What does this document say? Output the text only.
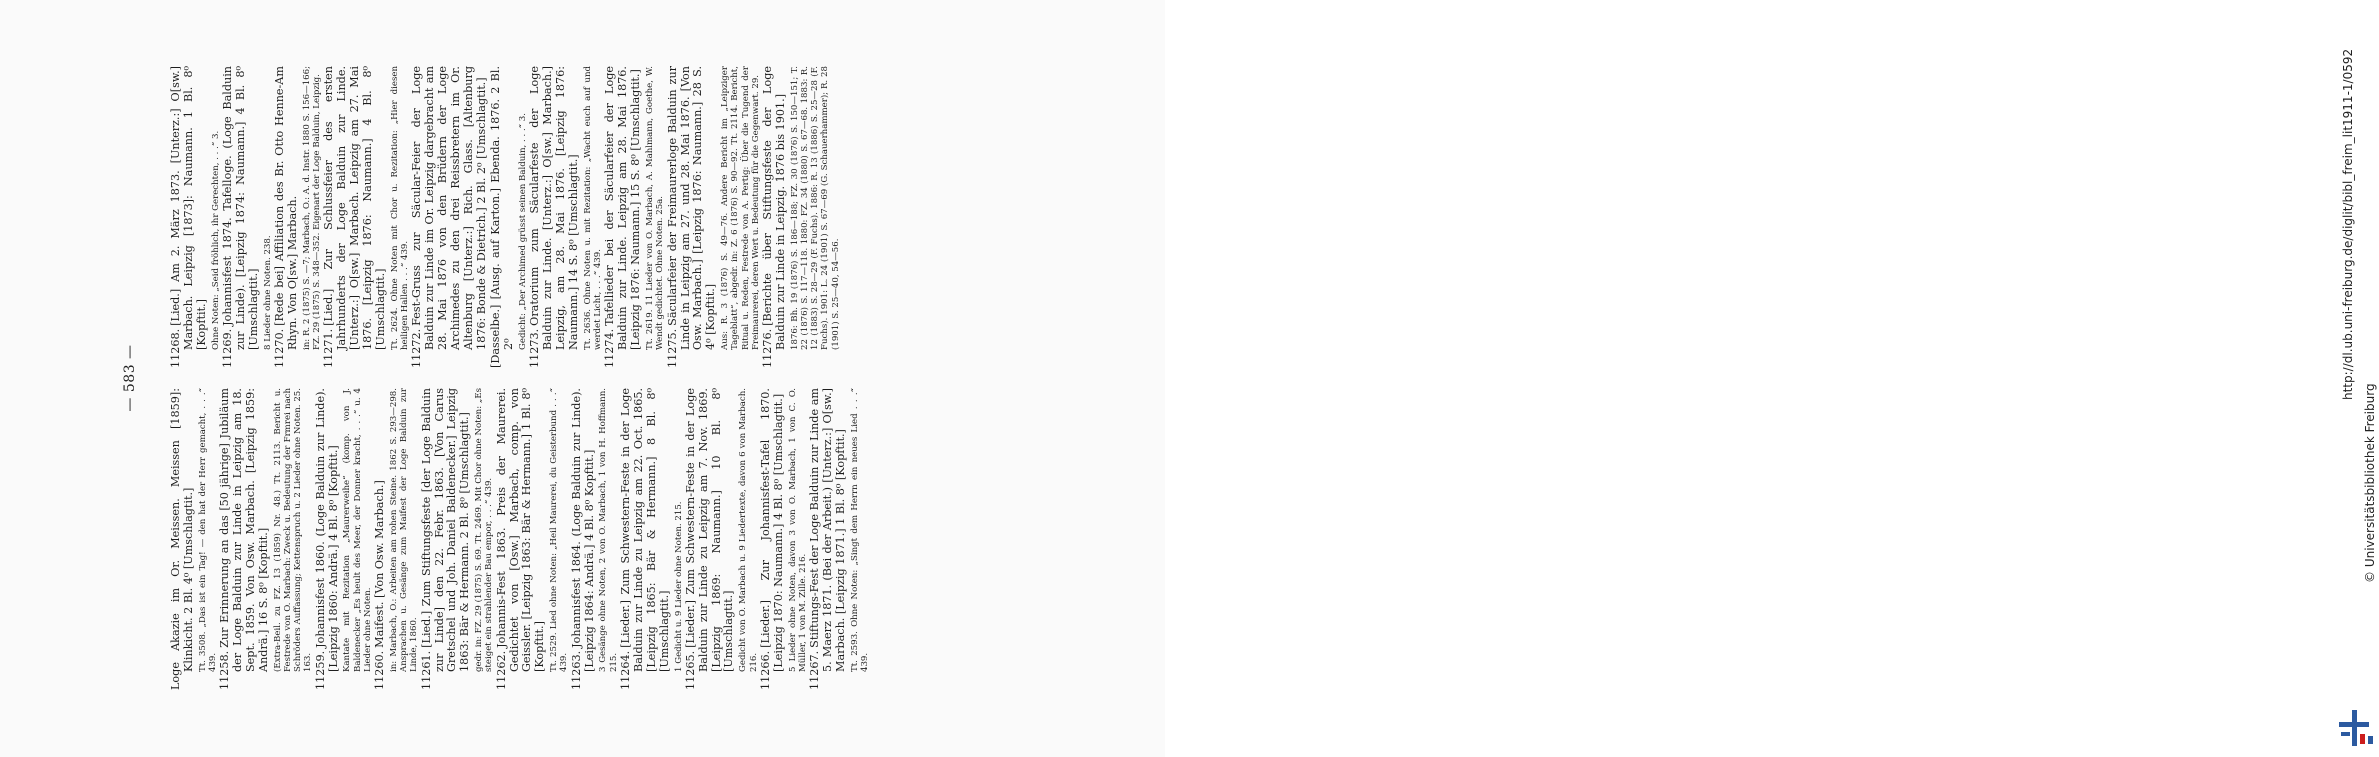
— 583 —
Loge Akazie im Or. Meissen. Meissen [1859]: Klinkicht. 2 Bl. 4⁰ [Umschlagtit.] Tt. 3508. „Das ist ein Tag! — den hat der Herr gemacht, . . .“ 439. 11258.Zur Erinnerung an das [50 jährige] Jubiläum der Loge Balduin zur Linde in Leipzig am 18. Sept. 1859. Von Osw. Marbach. [Leipzig 1859: Andrä.] 16 S. 8⁰ [Kopftit.] (Extra-Beil. zu FZ. 13 (1859) Nr. 48.) Tt. 2113. Bericht u. Festrede von O. Marbach: Zweck u. Bedeutung der Frmrei nach Schröders Auffassung; Kettenspruch u. 2 Lieder ohne Noten. 25. 163. 11259.Johannisfest 1860. (Loge Balduin zur Linde). [Leipzig 1860: Andrä.] 4 Bl. 8⁰ [Kopftit.] Kantate mit Rezitation „Maurerweihe“ (komp. von J. Baldenecker „Es heult des Meer, der Donner kracht, . . .“ u. 4 Lieder ohne Noten. 11260.Maifest. [Von Osw. Marbach.] in: Marbach, O.: Arbeiten am rohen Steine. 1862 S. 293—298. Ansprachen u. Gesänge zum Maifest der Loge Balduin zur Linde, 1860. 11261.[Lied.] Zum Stiftungsfeste [der Loge Balduin zur Linde] den 22. Febr. 1863. [Von Carus Gretschel und Joh. Daniel Baldenecker.] Leipzig 1863: Bär & Hermann. 2 Bl. 8⁰ [Umschlagtit.] gedr. in: FZ. 29 (1875) S. 69. Tt. 2469. Mit Chor ohne Noten: „Es steiget ein strahlender Bau empor, . . .“ 439. 11262.Johannis-Fest 1863. Preis der Maurerei. Gedichtet von [Osw.] Marbach, comp. von Geissler. [Leipzig 1863: Bär & Hermann.] 1 Bl. 8⁰ [Kopftit.] Tt. 2529. Lied ohne Noten: „Heil Maurerei, du Geisterbund . . .“ 439. 11263.Johannisfest 1864. (Loge Balduin zur Linde). [Leipzig 1864: Andrä.] 4 Bl. 8⁰ Kopftit.] 3 Gesänge ohne Noten, 2 von O. Marbach, 1 von H. Hoffmann. 215. 11264.[Lieder.] Zum Schwestern-Feste in der Loge Balduin zur Linde zu Leipzig am 22. Oct. 1865. [Leipzig 1865: Bär & Hermann.] 8 Bl. 8⁰ [Umschlagtit.] 1 Gedicht u. 9 Lieder ohne Noten. 215. 11265.[Lieder.] Zum Schwestern-Feste in der Loge Balduin zur Linde zu Leipzig am 7. Nov. 1869. [Leipzig 1869: Naumann.] 10 Bl. 8⁰ [Umschlagtit.] Gedicht von O. Marbach u. 9 Liedertexte, davon 6 von Marbach. 216. 11266.[Lieder.] Zur Johannisfest-Tafel 1870. [Leipzig 1870: Naumann.] 4 Bl. 8⁰ [Umschlagtit.] 5 Lieder ohne Noten, davon 3 von O. Marbach, 1 von C. O. Müller, 1 von M. Zille. 216. 11267.Stiftungs-Fest der Loge Balduin zur Linde am 5. Maerz 1871. (Bei der Arbeit.) [Unterz.:] O[sw.] Marbach. [Leipzig 1871.] 1 Bl. 8⁰ [Kopftit.] Tt. 2593. Ohne Noten: „Singt dem Herrn ein neues Lied . . .“ 439.
11268.[Lied.] Am 2. März 1873. [Unterz.:] O[sw.] Marbach. Leipzig [1873]: Naumann. 1 Bl. 8⁰ [Kopftit.] Ohne Noten: „Seid fröhlich, ihr Gerechten, . . .“ 3. 11269.Johannisfest 1874. Tafelloge. (Loge Balduin zur Linde). [Leipzig 1874: Naumann.] 4 Bl. 8⁰ [Umschlagtit.] 8 Lieder ohne Noten. 238. 11270.[Rede bei] Affiliation des Br. Otto Henne-Am Rhyn. Von O[sw.] Marbach. in: R. 2 (1875) S. —7; Marbach, O.: A. d. Instr. 1880 S. 156—166; FZ. 29 (1875) S. 348—352. Eigenart der Loge Balduin, Leipzig. 11271.[Lied.] Zur Schlussfeier des ersten Jahrhunderts der Loge Balduin zur Linde. [Unterz.:] O[sw.] Marbach. Leipzig am 27. Mai 1876. [Leipzig 1876: Naumann.] 4 Bl. 8⁰ [Umschlagtit.] Tt. 2624. Ohne Noten mit Chor u. Rezitation: „Hier diesen heiligen Hallen . . .“ 439. 11272.Fest-Gruss zur Säcular-Feier der Loge Balduin zur Linde im Or. Leipzig dargebracht am 28. Mai 1876 von den Brüdern der Loge Archimedes zu den drei Reissbretern im Or. Altenburg [Unterz.:] Rich. Glass. [Altenburg 1876: Bonde & Dietrich.] 2 Bl. 2⁰ [Umschlagtit.] [Dasselbe.] [Ausg. auf Karton.] Ebenda. 1876. 2 Bl. 2⁰ Gedicht: „Der Archimed grüsst seinen Balduin, . . .“ 3. 11273.Oratorium zum Säcularfeste der Loge Balduin zur Linde. [Unterz.:] O[sw.] Marbach.] Leipzig, am 28. Mai 1876. [Leipzig 1876: Naumann.] 14 S. 8⁰ [Umschlagtit.] Tt. 2636. Ohne Noten u. mit Rezitation: „Wacht euch auf und werdet Licht, . . .“ 439. 11274.Tafellieder bei der Säcularfeier der Loge Balduin zur Linde. Leipzig am 28. Mai 1876. [Leipzig 1876: Naumann.] 15 S. 8⁰ [Umschlagtit.] Tt. 2619. 11 Lieder von O. Marbach, A. Mahlmann, Goethe, W. Wendt gedichtet. Ohne Noten. 25a. 11275.Säcularfeier der Freimaurerloge Balduin zur Linde in Leipzig am 27. und 28. Mai 1876. [Von Osw. Marbach.] [Leipzig 1876: Naumann.] 28 S. 4⁰ [Kopftit.] Aus: R. 3 (1876) S. 49—76. Andere Bericht im „Leipziger Tageblatt“, abgedr. in: Z. 6 (1876) S. 90—92. Tt. 2114. Bericht, Ritual u. Reden, Festrede von A. Pertig: Über die Tugend der Freimaurerei, deren Wert u. Bedeutung für die Gegenwart. 29. 11276.[Berichte über Stiftungsfeste der Loge Balduin zur Linde in Leipzig. 1876 bis 1901.] 1876: Bh. 19 (1876) S. 186—188; FZ. 30 (1876) S. 150—151; T. 22 (1876) S. 117—118. 1880: FZ. 34 (1880) S. 67—68. 1883: R. 12 (1883) S. 28—29 (F. Fuchs). 1886: R. 13 (1886) S. 25—28 (F. Fuchs). 1901: L. 24 (1901) S. 67—69 (G. Schauerhammer); R. 28 (1901) S. 25—40, 54—56.	http://dl.ub.uni-freiburg.de/diglit/bibl_freim_lit1911-1/0592
© Universitätsbibliothek Freiburg
